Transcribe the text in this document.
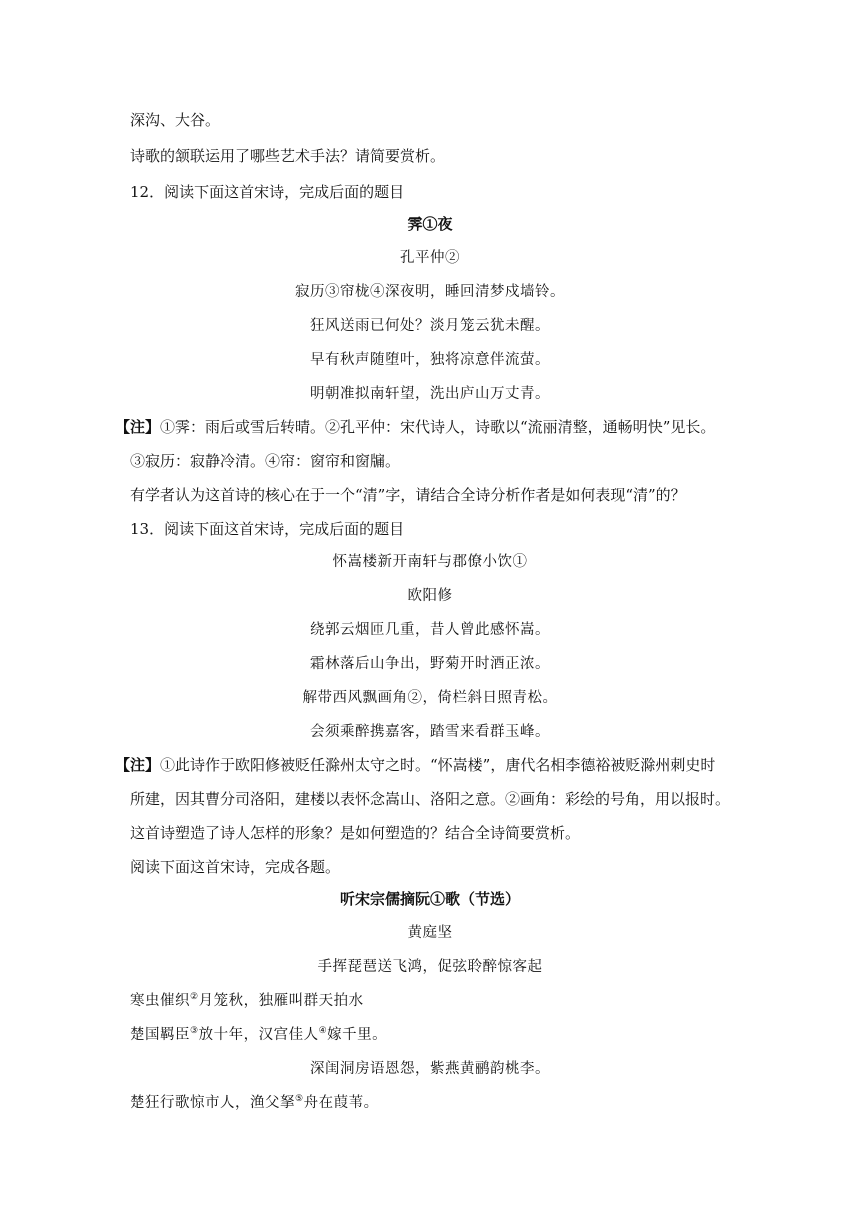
深沟、大谷。
诗歌的颔联运用了哪些艺术手法？请简要赏析。
12．阅读下面这首宋诗，完成后面的题目
霁①夜
孔平仲②
寂历③帘栊④深夜明，睡回清梦戍墙铃。
狂风送雨已何处？淡月笼云犹未醒。
早有秋声随堕叶，独将凉意伴流萤。
明朝准拟南轩望，洗出庐山万丈青。
【注】①霁：雨后或雪后转晴。②孔平仲：宋代诗人，诗歌以“流丽清整，通畅明快”见长。
③寂历：寂静冷清。④帘：窗帘和窗牖。
有学者认为这首诗的核心在于一个“清”字，请结合全诗分析作者是如何表现“清”的？
13．阅读下面这首宋诗，完成后面的题目
怀嵩楼新开南轩与郡僚小饮①
欧阳修
绕郭云烟匝几重，昔人曾此感怀嵩。
霜林落后山争出，野菊开时酒正浓。
解带西风飘画角②，倚栏斜日照青松。
会须乘醉携嘉客，踏雪来看群玉峰。
【注】①此诗作于欧阳修被贬任滁州太守之时。“怀嵩楼”，唐代名相李德裕被贬滁州刺史时
所建，因其曹分司洛阳，建楼以表怀念嵩山、洛阳之意。②画角：彩绘的号角，用以报时。
这首诗塑造了诗人怎样的形象？是如何塑造的？结合全诗简要赏析。
阅读下面这首宋诗，完成各题。
听宋宗儒摘阮①歌（节选）
黄庭坚
手挥琵琶送飞鸿，促弦聆醉惊客起
寒虫催织②月笼秋，独雁叫群天拍水
楚国羁臣③放十年，汉宫佳人④嫁千里。
深闺洞房语恩怨，紫燕黄鹂韵桃李。
楚狂行歌惊市人，渔父拏⑤舟在葭苇。
